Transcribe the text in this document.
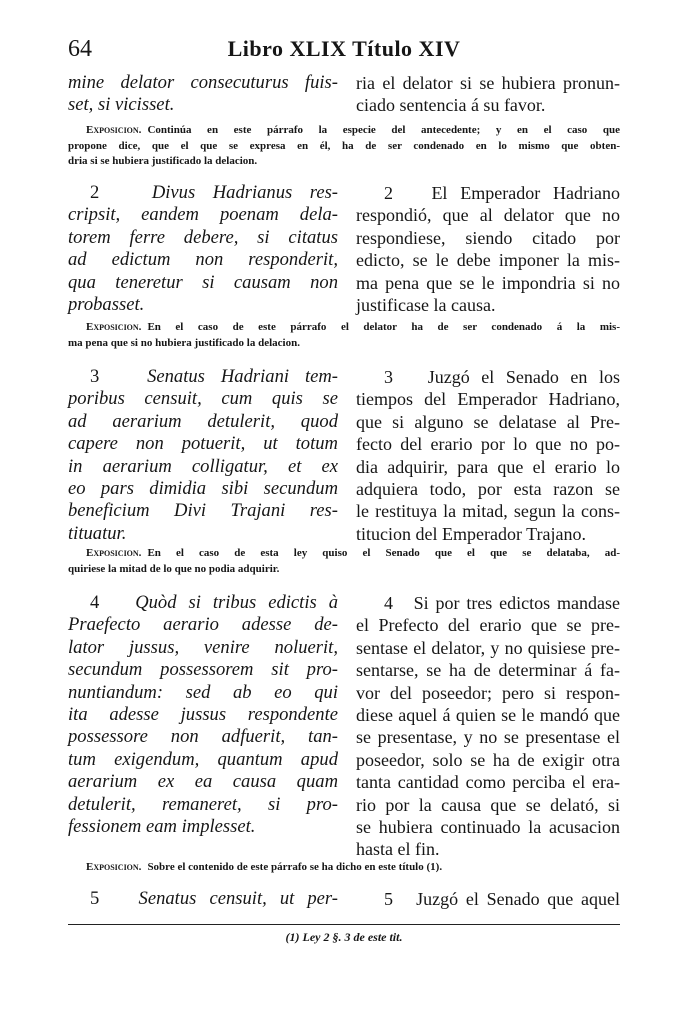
64	Libro XLIX Título XIV

mine delator consecuturus fuis-

set, si vicisset.

ria el delator si se hubiera pronun-

ciado sentencia á su favor.

Exposicion. Continúa en este párrafo la especie del antecedente; y en el caso que

propone dice, que el que se expresa en él, ha de ser condenado en lo mismo que obten-

dria si se hubiera justificado la delacion.

2	Divus Hadrianus res-

cripsit, eandem poenam dela-

torem ferre debere, si citatus

ad edictum non responderit,

qua teneretur si causam non

probasset.

2 El Emperador Hadriano

respondió, que al delator que no

respondiese, siendo citado por

edicto, se le debe imponer la mis-

ma pena que se le impondria si no

justificase la causa.

Exposicion. En el caso de este párrafo el delator ha de ser condenado á la mis-

ma pena que si no hubiera justificado la delacion.

3	Senatus Hadriani tem-

poribus censuit, cum quis se

ad aerarium detulerit, quod

capere non potuerit, ut totum

in aerarium colligatur, et ex

eo pars dimidia sibi secundum

beneficium Divi Trajani res-

tituatur.

3 Juzgó el Senado en los

tiempos del Emperador Hadriano,

que si alguno se delatase al Pre-

fecto del erario por lo que no po-

dia adquirir, para que el erario lo

adquiera todo, por esta razon se

le restituya la mitad, segun la cons-

titucion del Emperador Trajano.

Exposicion. En el caso de esta ley quiso el Senado que el que se delataba, ad-

quiriese la mitad de lo que no podia adquirir.

4 Quòd si tribus edictis à

Praefecto aerario adesse de-

lator jussus, venire noluerit,

secundum possessorem sit pro-

nuntiandum: sed ab eo qui

ita adesse jussus respondente

possessore non adfuerit, tan-

tum exigendum, quantum apud

aerarium ex ea causa quam

detulerit, remaneret, si pro-

fessionem eam implesset.

4 Si por tres edictos mandase

el Prefecto del erario que se pre-

sentase el delator, y no quisiese pre-

sentarse, se ha de determinar á fa-

vor del poseedor; pero si respon-

diese aquel á quien se le mandó que

se presentase, y no se presentase el

poseedor, solo se ha de exigir otra

tanta cantidad como perciba el era-

rio por la causa que se delató, si

se hubiera continuado la acusacion

hasta el fin.

Exposicion. Sobre el contenido de este párrafo se ha dicho en este título (1).

5 Senatus censuit, ut per-	5 Juzgó el Senado que aquel

(1) Ley 2 §. 3 de este tit.
